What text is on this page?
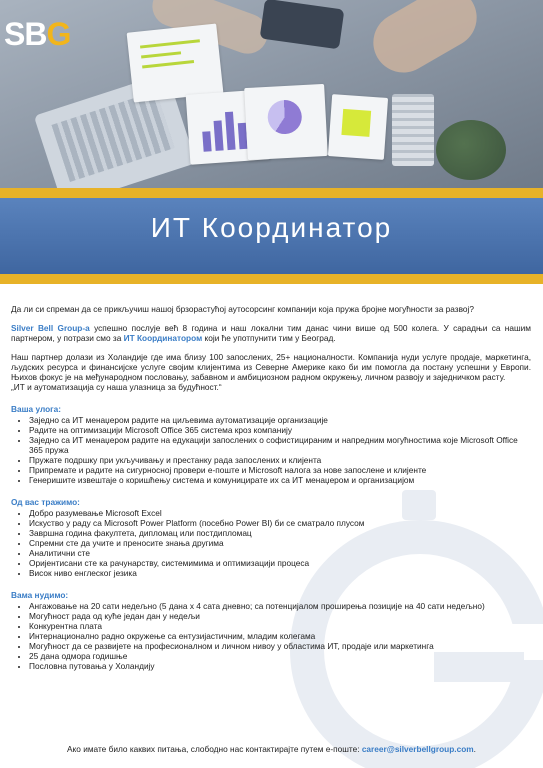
SBG
ИТ Координатор

Да ли си спреман да се прикључиш нашој брзорастућој аутосорсинг компанији која пружа бројне могућности за развој?

Silver Bell Group-а успешно послује већ 8 година и наш локални тим данас чини више од 500 колега. У сарадњи са нашим партнером, у потрази смо за ИТ Координатором који ће употпунити тим у Београд.

Наш партнер долази из Холандије где има близу 100 запослених, 25+ националности. Компанија нуди услуге продаје, маркетинга, људских ресурса и финансијске услуге својим клијентима из Северне Америке како би им помогла да постану успешни у Европи. Њихов фокус је на међународном пословању, забавном и амбициозном радном окружењу, личном развоју и заједничком расту.
„ИТ и аутоматизација су наша улазница за будућност.“

Ваша улога:
• Заједно са ИТ менаџером радите на циљевима аутоматизације организације
• Радите на оптимизацији Microsoft Office 365 система кроз компанију
• Заједно са ИТ менаџером радите на едукацији запослених о софистицираним и напредним могућностима које Microsoft Office 365 пружа
• Пружате подршку при укључивању и престанку рада запослених и клијента
• Припремате и радите на сигурносној провери е-поште и Microsoft налога за нове запослене и клијенте
• Генеришите извештаје о коришћењу система и комуницирате их са ИТ менаџером и организацијом
Од вас тражимо:
• Добро разумевање Microsoft Excel
• Искуство у раду са Microsoft Power Platform (посебно Power BI) би се сматрало плусом
• Завршна година факултета, дипломац или постдипломац
• Спремни сте да учите и преносите знања другима
• Аналитични сте
• Оријентисани сте ка рачунарству, системимима и оптимизацији процеса
• Висок ниво енглеског језика
Вама нудимо:
• Ангажовање на 20 сати недељно (5 дана х 4 сата дневно; са потенцијалом проширења позиције на 40 сати недељно)
• Могућност рада од куће један дан у недељи
• Конкурентна плата
• Интернационално радно окружење са ентузијастичним, младим колегама
• Могућност да се развијете на професионалном и личном нивоу у областима ИТ, продаје или маркетинга
• 25 дана одмора годишње
• Пословна путовања у Холандију
Ако имате било каквих питања, слободно нас контактирајте путем е-поште: career@silverbellgroup.com.
